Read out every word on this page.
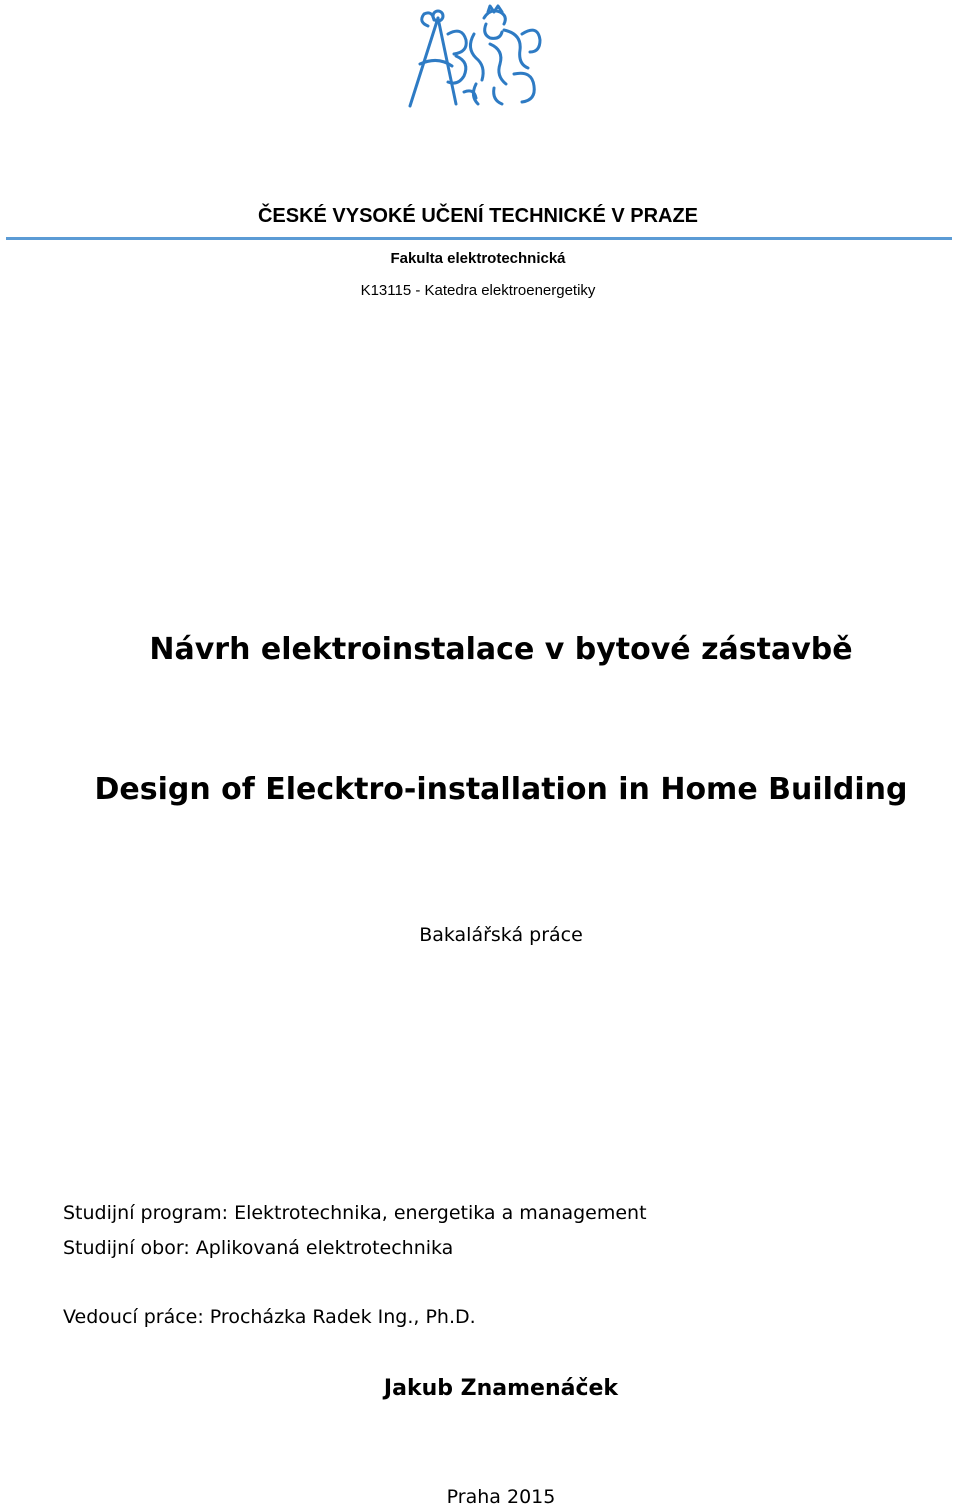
ČESKÉ VYSOKÉ UČENÍ TECHNICKÉ V PRAZE
Fakulta elektrotechnická
K13115 - Katedra elektroenergetiky
Návrh elektroinstalace v bytové zástavbě
Design of Elecktro-installation in Home Building
Bakalářská práce
Studijní program: Elektrotechnika, energetika a management
Studijní obor: Aplikovaná elektrotechnika
Vedoucí práce: Procházka Radek Ing., Ph.D.
Jakub Znamenáček
Praha 2015
